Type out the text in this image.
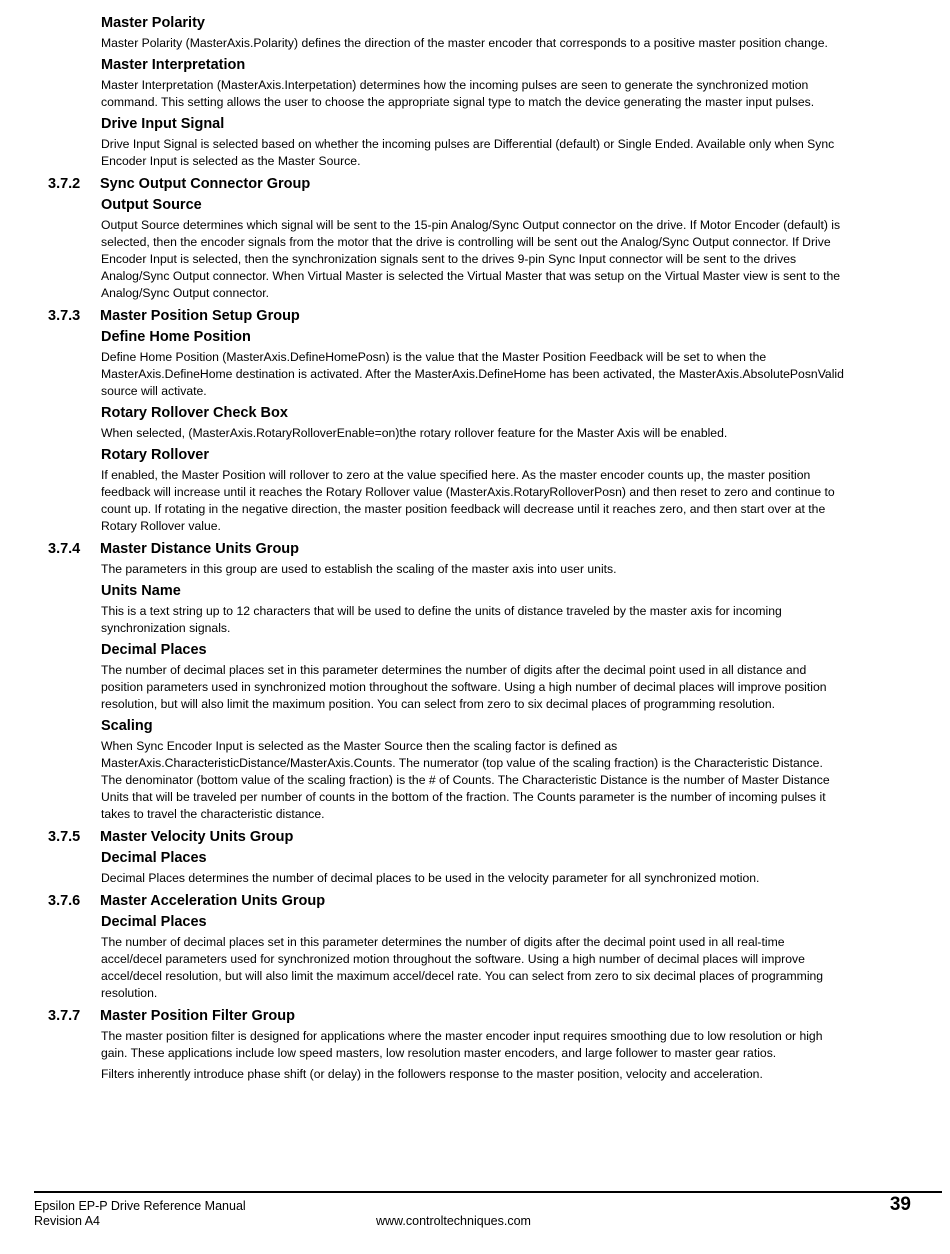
Master Polarity
Master Polarity (MasterAxis.Polarity) defines the direction of the master encoder that corresponds to a positive master position change.
Master Interpretation
Master Interpretation (MasterAxis.Interpetation) determines how the incoming pulses are seen to generate the synchronized motion command. This setting allows the user to choose the appropriate signal type to match the device generating the master input pulses.
Drive Input Signal
Drive Input Signal is selected based on whether the incoming pulses are Differential (default) or Single Ended. Available only when Sync Encoder Input is selected as the Master Source.
3.7.2	Sync Output Connector Group
Output Source
Output Source determines which signal will be sent to the 15-pin Analog/Sync Output connector on the drive. If Motor Encoder (default) is selected, then the encoder signals from the motor that the drive is controlling will be sent out the Analog/Sync Output connector. If Drive Encoder Input is selected, then the synchronization signals sent to the drives 9-pin Sync Input connector will be sent to the drives Analog/Sync Output connector. When Virtual Master is selected the Virtual Master that was setup on the Virtual Master view is sent to the Analog/Sync Output connector.
3.7.3	Master Position Setup Group
Define Home Position
Define Home Position (MasterAxis.DefineHomePosn) is the value that the Master Position Feedback will be set to when the MasterAxis.DefineHome destination is activated. After the MasterAxis.DefineHome has been activated, the MasterAxis.AbsolutePosnValid source will activate.
Rotary Rollover Check Box
When selected, (MasterAxis.RotaryRolloverEnable=on)the rotary rollover feature for the Master Axis will be enabled.
Rotary Rollover
If enabled, the Master Position will rollover to zero at the value specified here. As the master encoder counts up, the master position feedback will increase until it reaches the Rotary Rollover value (MasterAxis.RotaryRolloverPosn) and then reset to zero and continue to count up. If rotating in the negative direction, the master position feedback will decrease until it reaches zero, and then start over at the Rotary Rollover value.
3.7.4	Master Distance Units Group
The parameters in this group are used to establish the scaling of the master axis into user units.
Units Name
This is a text string up to 12 characters that will be used to define the units of distance traveled by the master axis for incoming synchronization signals.
Decimal Places
The number of decimal places set in this parameter determines the number of digits after the decimal point used in all distance and position parameters used in synchronized motion throughout the software. Using a high number of decimal places will improve position resolution, but will also limit the maximum position. You can select from zero to six decimal places of programming resolution.
Scaling
When Sync Encoder Input is selected as the Master Source then the scaling factor is defined as MasterAxis.CharacteristicDistance/MasterAxis.Counts. The numerator (top value of the scaling fraction) is the Characteristic Distance. The denominator (bottom value of the scaling fraction) is the # of Counts. The Characteristic Distance is the number of Master Distance Units that will be traveled per number of counts in the bottom of the fraction. The Counts parameter is the number of incoming pulses it takes to travel the characteristic distance.
3.7.5	Master Velocity Units Group
Decimal Places
Decimal Places determines the number of decimal places to be used in the velocity parameter for all synchronized motion.
3.7.6	Master Acceleration Units Group
Decimal Places
The number of decimal places set in this parameter determines the number of digits after the decimal point used in all real-time accel/decel parameters used for synchronized motion throughout the software. Using a high number of decimal places will improve accel/decel resolution, but will also limit the maximum accel/decel rate. You can select from zero to six decimal places of programming resolution.
3.7.7	Master Position Filter Group
The master position filter is designed for applications where the master encoder input requires smoothing due to low resolution or high gain. These applications include low speed masters, low resolution master encoders, and large follower to master gear ratios.
Filters inherently introduce phase shift (or delay) in the followers response to the master position, velocity and acceleration.
Epsilon EP-P Drive Reference Manual
Revision A4	www.controltechniques.com
39
